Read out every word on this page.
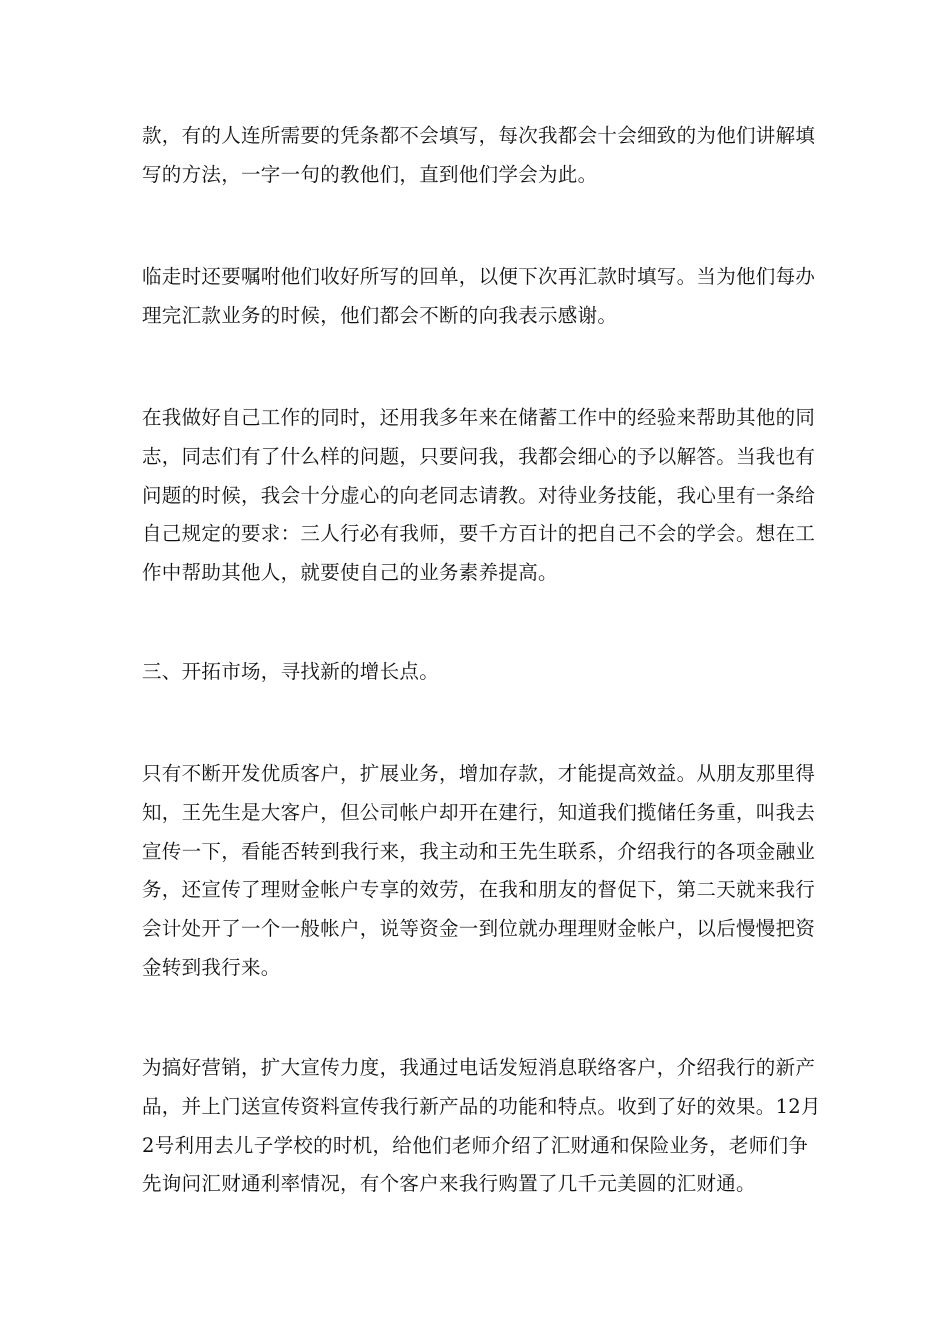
款，有的人连所需要的凭条都不会填写，每次我都会十会细致的为他们讲解填
写的方法，一字一句的教他们，直到他们学会为此。

临走时还要嘱咐他们收好所写的回单，以便下次再汇款时填写。当为他们每办
理完汇款业务的时候，他们都会不断的向我表示感谢。

在我做好自己工作的同时，还用我多年来在储蓄工作中的经验来帮助其他的同
志，同志们有了什么样的问题，只要问我，我都会细心的予以解答。当我也有
问题的时候，我会十分虚心的向老同志请教。对待业务技能，我心里有一条给
自己规定的要求：三人行必有我师，要千方百计的把自己不会的学会。想在工
作中帮助其他人，就要使自己的业务素养提高。

三、开拓市场，寻找新的增长点。

只有不断开发优质客户，扩展业务，增加存款，才能提高效益。从朋友那里得
知，王先生是大客户，但公司帐户却开在建行，知道我们揽储任务重，叫我去
宣传一下，看能否转到我行来，我主动和王先生联系，介绍我行的各项金融业
务，还宣传了理财金帐户专享的效劳，在我和朋友的督促下，第二天就来我行
会计处开了一个一般帐户，说等资金一到位就办理理财金帐户，以后慢慢把资
金转到我行来。

为搞好营销，扩大宣传力度，我通过电话发短消息联络客户，介绍我行的新产
品，并上门送宣传资料宣传我行新产品的功能和特点。收到了好的效果。12月
2号利用去儿子学校的时机，给他们老师介绍了汇财通和保险业务，老师们争
先询问汇财通利率情况，有个客户来我行购置了几千元美圆的汇财通。
